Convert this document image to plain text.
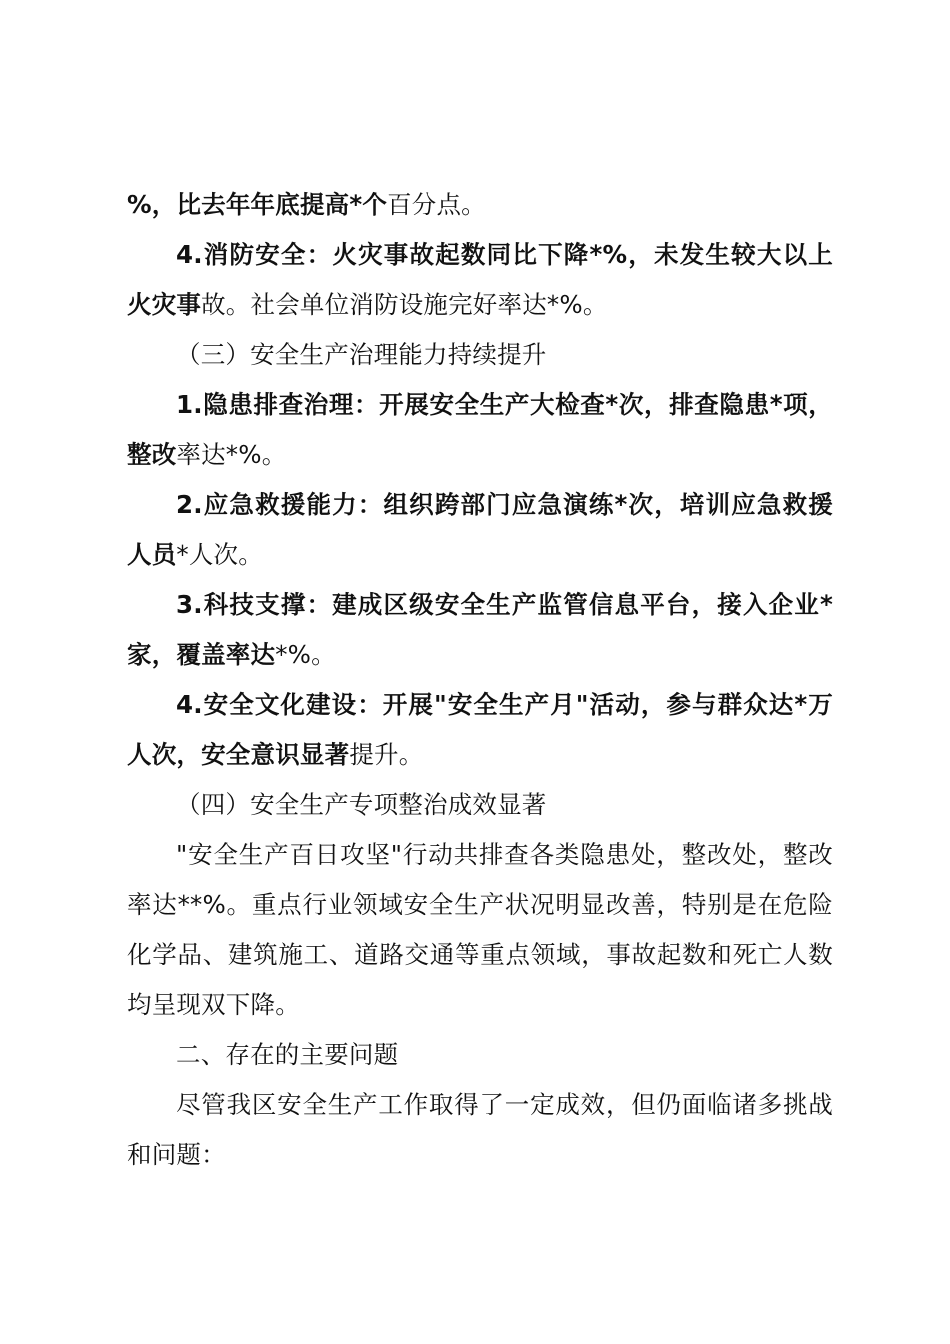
%，比去年年底提高*个百分点。

4.消防安全：火灾事故起数同比下降*%，未发生较大以上火灾事故。社会单位消防设施完好率达*%。

（三）安全生产治理能力持续提升

1.隐患排查治理：开展安全生产大检查*次，排查隐患*项，整改率达*%。

2.应急救援能力：组织跨部门应急演练*次，培训应急救援人员*人次。

3.科技支撑：建成区级安全生产监管信息平台，接入企业*家，覆盖率达*%。

4.安全文化建设：开展"安全生产月"活动，参与群众达*万人次，安全意识显著提升。

（四）安全生产专项整治成效显著

"安全生产百日攻坚"行动共排查各类隐患处，整改处，整改率达**%。重点行业领域安全生产状况明显改善，特别是在危险化学品、建筑施工、道路交通等重点领域，事故起数和死亡人数均呈现双下降。

二、存在的主要问题

尽管我区安全生产工作取得了一定成效，但仍面临诸多挑战和问题：
